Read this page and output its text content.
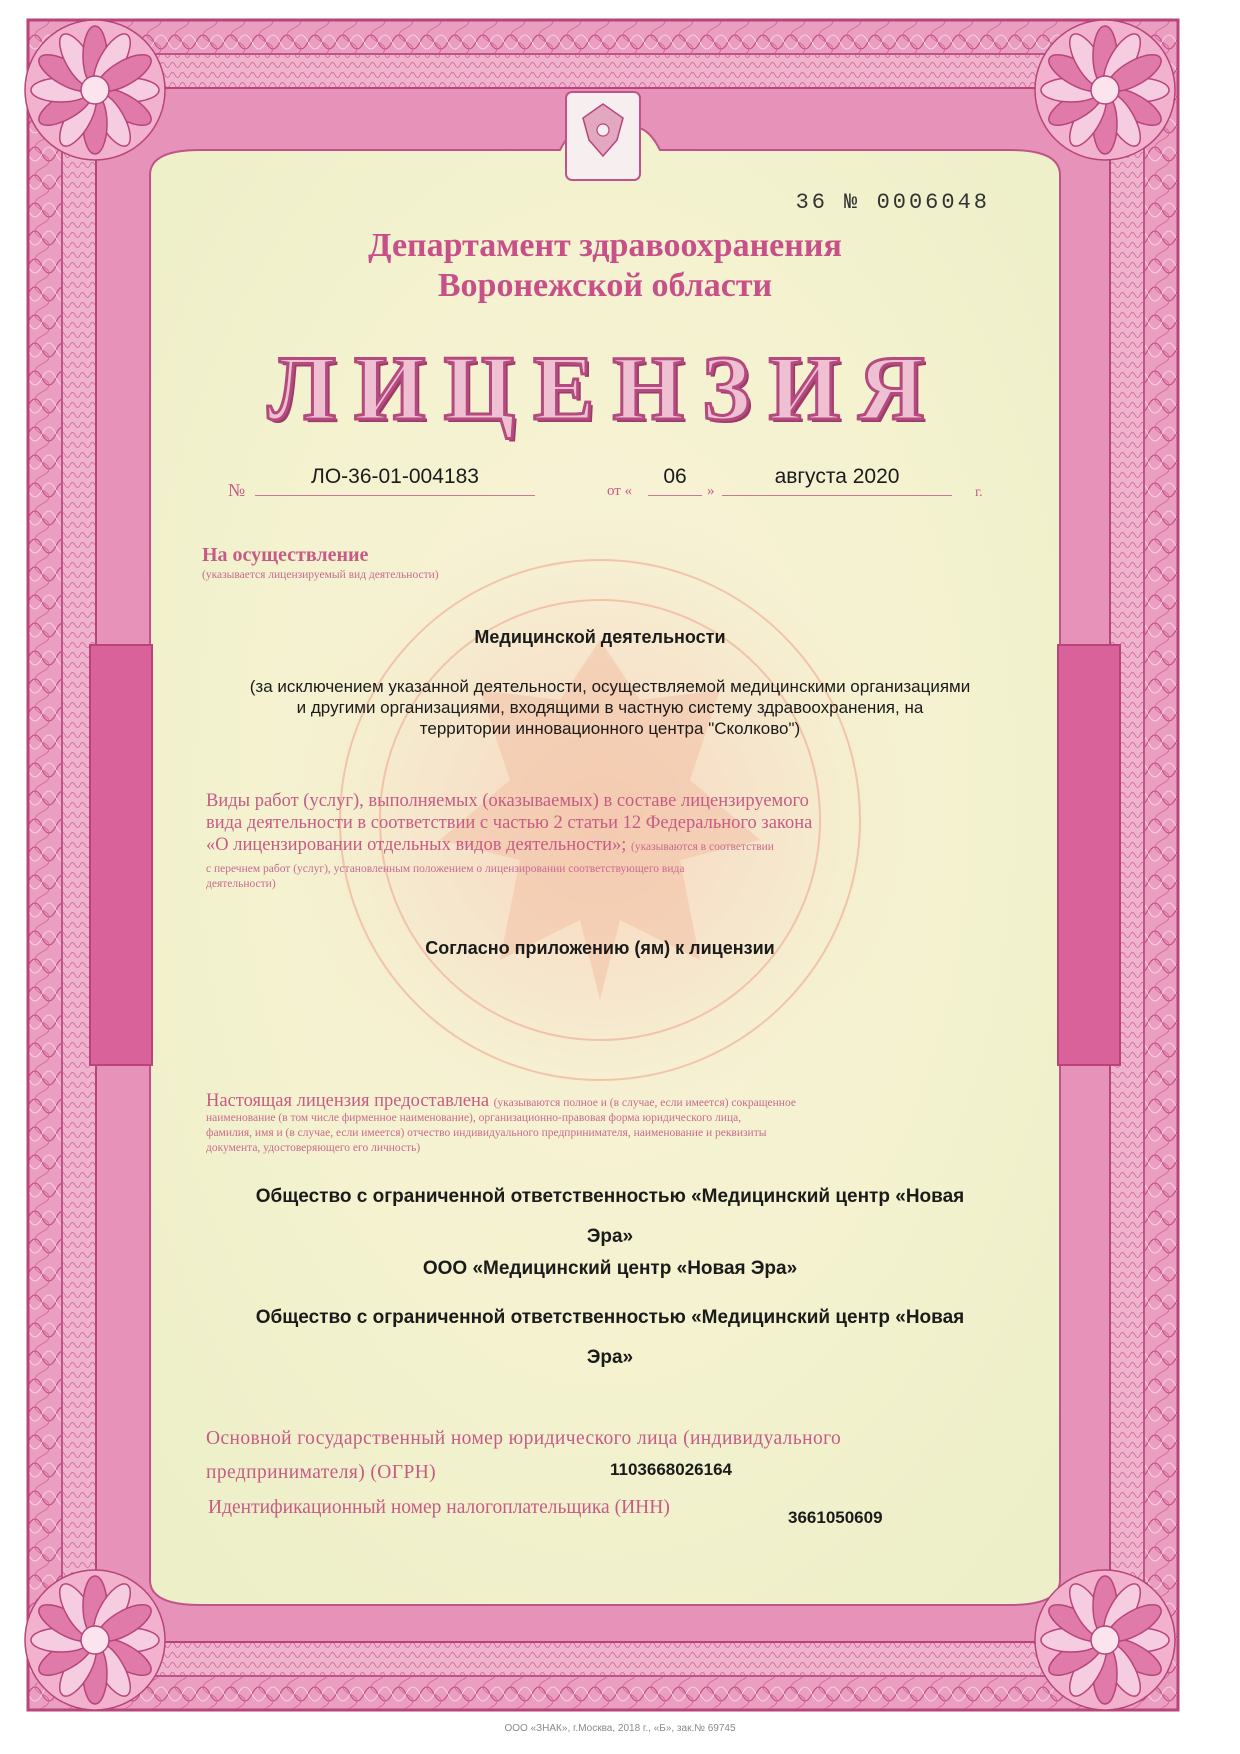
36 № 0006048
Департамент здравоохранения
Воронежской области
ЛИЦЕНЗИЯ
№
ЛО-36-01-004183
от «
06
»
августа 2020
г.
На осуществление
(указывается лицензируемый вид деятельности)
Медицинской деятельности
(за исключением указанной деятельности, осуществляемой медицинскими организациями
и другими организациями, входящими в частную систему здравоохранения, на
территории инновационного центра "Сколково")
Виды работ (услуг), выполняемых (оказываемых) в составе лицензируемого
вида деятельности в соответствии с частью 2 статьи 12 Федерального закона
«О лицензировании отдельных видов деятельности»; (указываются в соответствии
с перечнем работ (услуг), установленным положением о лицензировании соответствующего вида
деятельности)
Согласно приложению (ям) к лицензии
Настоящая лицензия предоставлена (указываются полное и (в случае, если имеется) сокращенное
наименование (в том числе фирменное наименование), организационно-правовая форма юридического лица,
фамилия, имя и (в случае, если имеется) отчество индивидуального предпринимателя, наименование и реквизиты
документа, удостоверяющего его личность)
Общество с ограниченной ответственностью «Медицинский центр «Новая
Эра»
ООО «Медицинский центр «Новая Эра»
Общество с ограниченной ответственностью «Медицинский центр «Новая
Эра»
Основной государственный номер юридического лица (индивидуального
предпринимателя) (ОГРН)	1103668026164
Идентификационный номер налогоплательщика (ИНН)	3661050609
ООО «ЗНАК», г.Москва, 2018 г., «Б», зак.№ 69745
